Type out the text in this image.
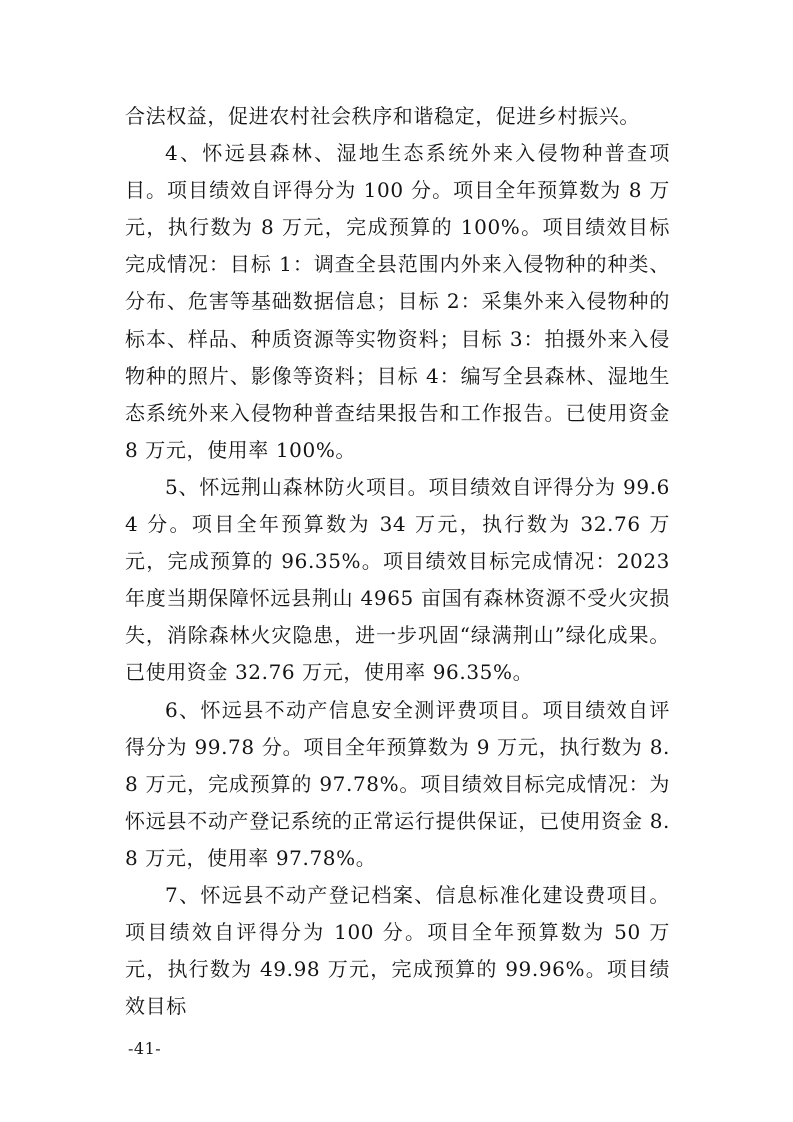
合法权益，促进农村社会秩序和谐稳定，促进乡村振兴。

4、怀远县森林、湿地生态系统外来入侵物种普查项目。项目绩效自评得分为 100 分。项目全年预算数为 8 万元，执行数为 8 万元，完成预算的 100%。项目绩效目标完成情况：目标 1：调查全县范围内外来入侵物种的种类、分布、危害等基础数据信息；目标 2：采集外来入侵物种的标本、样品、种质资源等实物资料；目标 3：拍摄外来入侵物种的照片、影像等资料；目标 4：编写全县森林、湿地生态系统外来入侵物种普查结果报告和工作报告。已使用资金 8 万元，使用率 100%。

5、怀远荆山森林防火项目。项目绩效自评得分为 99.64 分。项目全年预算数为 34 万元，执行数为 32.76 万元，完成预算的 96.35%。项目绩效目标完成情况：2023 年度当期保障怀远县荆山 4965 亩国有森林资源不受火灾损失，消除森林火灾隐患，进一步巩固“绿满荆山”绿化成果。已使用资金 32.76 万元，使用率 96.35%。

6、怀远县不动产信息安全测评费项目。项目绩效自评得分为 99.78 分。项目全年预算数为 9 万元，执行数为 8.8 万元，完成预算的 97.78%。项目绩效目标完成情况：为怀远县不动产登记系统的正常运行提供保证，已使用资金 8.8 万元，使用率 97.78%。

7、怀远县不动产登记档案、信息标准化建设费项目。项目绩效自评得分为 100 分。项目全年预算数为 50 万元，执行数为 49.98 万元，完成预算的 99.96%。项目绩效目标

-41-
